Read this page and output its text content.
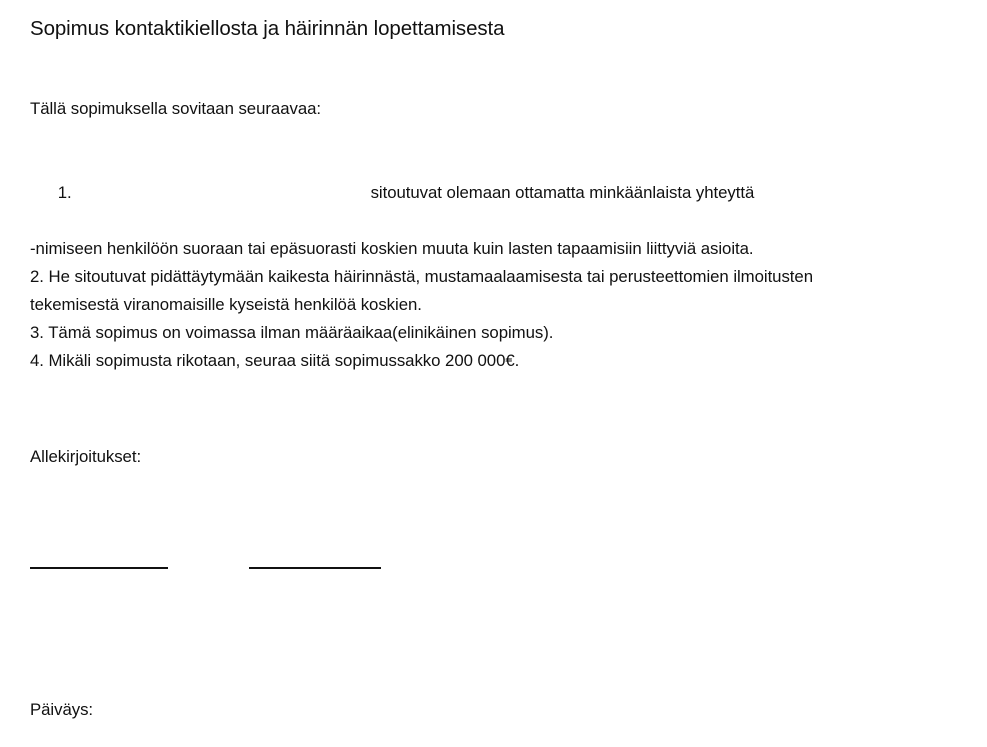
Sopimus kontaktikiellosta ja häirinnän lopettamisesta
Tällä sopimuksella sovitaan seuraavaa:

1.	sitoutuvat olemaan ottamatta minkäänlaista yhteyttä

-nimiseen henkilöön suoraan tai epäsuorasti koskien muuta kuin lasten tapaamisiin liittyviä asioita.
2. He sitoutuvat pidättäytymään kaikesta häirinnästä, mustamaalaamisesta tai perusteettomien ilmoitusten
tekemisestä viranomaisille kyseistä henkilöä koskien.
3. Tämä sopimus on voimassa ilman määräaikaa(elinikäinen sopimus).
4. Mikäli sopimusta rikotaan, seuraa siitä sopimussakko 200 000€.
Allekirjoitukset:
Päiväys:
